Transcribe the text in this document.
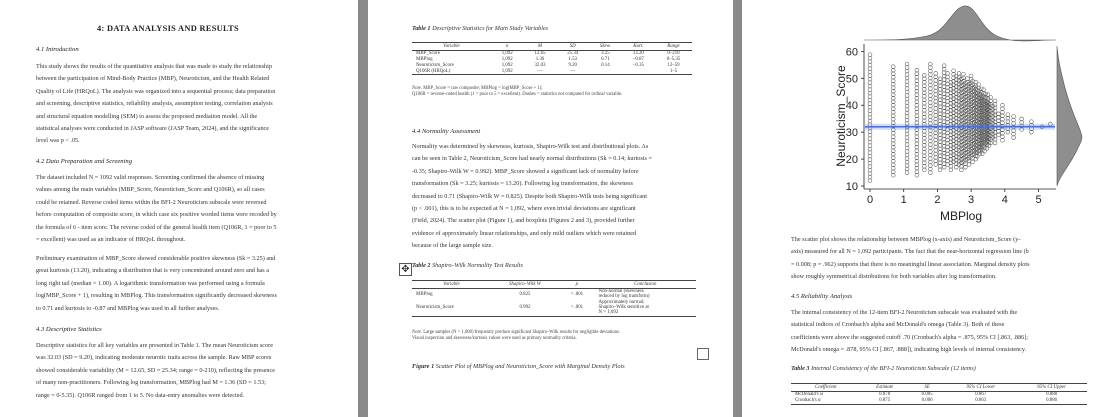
4: DATA ANALYSIS AND RESULTS
4.1 Introduction
This study shows the results of the quantitative analysis that was made to study the relationship
between the participation of Mind-Body Practice (MBP), Neuroticism, and the Health Related
Quality of Life (HRQoL). The analysis was organized into a sequential process; data preparation
and screening, descriptive statistics, reliability analysis, assumption testing, correlation analysis
and structural equation modelling (SEM) to assess the proposed mediation model. All the
statistical analyses were conducted in JASP software (JASP Team, 2024), and the significance
level was p < .05.
4.2 Data Preparation and Screening
The dataset included N = 1092 valid responses. Screening confirmed the absence of missing
values among the main variables (MBP_Score, Neuroticism_Score and Q106R), so all cases
could be retained. Reverse coded items within the BFI-2 Neuroticism subscale were reversed
before computation of composite score, in which case six positive worded items were recoded by
the formula of 6 - item score. The reverse coded of the general health item (Q106R, 1 = poor to 5
= excellent) was used as an indicator of HRQoL throughout.
Preliminary examination of MBP_Score showed considerable positive skewness (Sk = 3.25) and
great kurtosis (13.20), indicating a distribution that is very concentrated around zero and has a
long right tail (median = 1.00). A logarithmic transformation was performed using a formula
log(MBP_Score + 1), resulting in MBPlog. This transformation significantly decreased skewness
to 0.71 and kurtosis to -0.87 and MBPlog was used in all further analyses.
4.3 Descriptive Statistics
Descriptive statistics for all key variables are presented in Table 1. The mean Neuroticism score
was 32.03 (SD = 9.20), indicating moderate neurotic traits across the sample. Raw MBP scores
showed considerable variability (M = 12.65, SD = 25.34; range = 0-210), reflecting the presence
of many non-practitioners. Following log transformation, MBPlog had M = 1.36 (SD = 1.53;
range = 0-5.35). Q106R ranged from 1 to 5. No data-entry anomalies were detected.
Table 1 Descriptive Statistics for Main Study Variables
Variable	n	M	SD	Skew.	Kurt.	Range
MBP_Score	1,092	12.65	25.34	3.25	13.20	0–210
MBPlog	1,092	1.36	1.53	0.71	−0.87	0–5.35
Neuroticism_Score	1,092	32.03	9.20	0.14	−0.35	12–59
Q106R (HRQoL)	1,092	—	—			1–5
Note. MBP_Score = raw composite; MBPlog = log(MBP_Score + 1);
Q106R = reverse-coded health (1 = poor to 5 = excellent). Dashes = statistics not computed for ordinal variable.
4.4 Normality Assessment
Normality was determined by skewness, kurtosis, Shapiro-Wilk test and distributional plots. As
can be seen in Table 2, Neuroticism_Score had nearly normal distributions (Sk = 0.14; kurtosis =
-0.35; Shapiro-Wilk W = 0.992). MBP_Score showed a significant lack of normality before
transformation (Sk = 3.25; kurtosis = 13.20). Following log transformation, the skewness
decreased to 0.71 (Shapiro-Wilk W = 0.825). Despite both Shapiro-Wilk tests being significant
(p < .001), this is to be expected at N = 1,092, where even trivial deviations are significant
(Field, 2024). The scatter plot (Figure 1), and boxplots (Figures 2 and 3), provided further
evidence of approximately linear relationships, and only mild outliers which were retained
because of the large sample size.
Table 2 Shapiro–Wilk Normality Test Results
Variable	Shapiro–Wilk W	p	Conclusion
MBPlog	0.825	< .001	Non-normal (skewness
reduced by log transform)

Neuroticism_Score	0.992	< .001	Approximately normal;
Shapiro–Wilk sensitive at
N = 1,092
Note. Large samples (N > 1,000) frequently produce significant Shapiro–Wilk results for negligible deviations.
Visual inspection and skewness/kurtosis values were used as primary normality criteria.
Figure 1 Scatter Plot of MBPlog and Neuroticism_Score with Marginal Density Plots
✥
0	1	2	3	4	5
10
20
30
40
50
60
MBPlog
Neuroticism_Score
The scatter plot shows the relationship between MBPlog (x-axis) and Neuroticism_Score (y-
axis) measured for all N = 1,092 participants. The fact that the near-horizontal regression line (b
= 0.008; p = .962) supports that there is no meaningful linear association. Marginal density plots
show roughly symmetrical distributions for both variables after log transformation.
4.5 Reliability Analysis
The internal consistency of the 12-item BFI-2 Neuroticism subscale was evaluated with the
statistical indices of Cronbach's alpha and McDonald's omega (Table 3). Both of these
coefficients were above the suggested cutoff .70 (Cronbach's alpha = .875, 95% CI [.863, .886];
McDonald's omega = .878, 95% CI [.867, .888]), indicating high levels of internal consistency.
Table 3 Internal Consistency of the BFI-2 Neuroticism Subscale (12 items)
Coefficient	Estimate	SE	95% CI Lower	95% CI Upper
McDonald's ω	0.878	0.005	0.867	0.888
Cronbach's α	0.875	0.006	0.863	0.886
